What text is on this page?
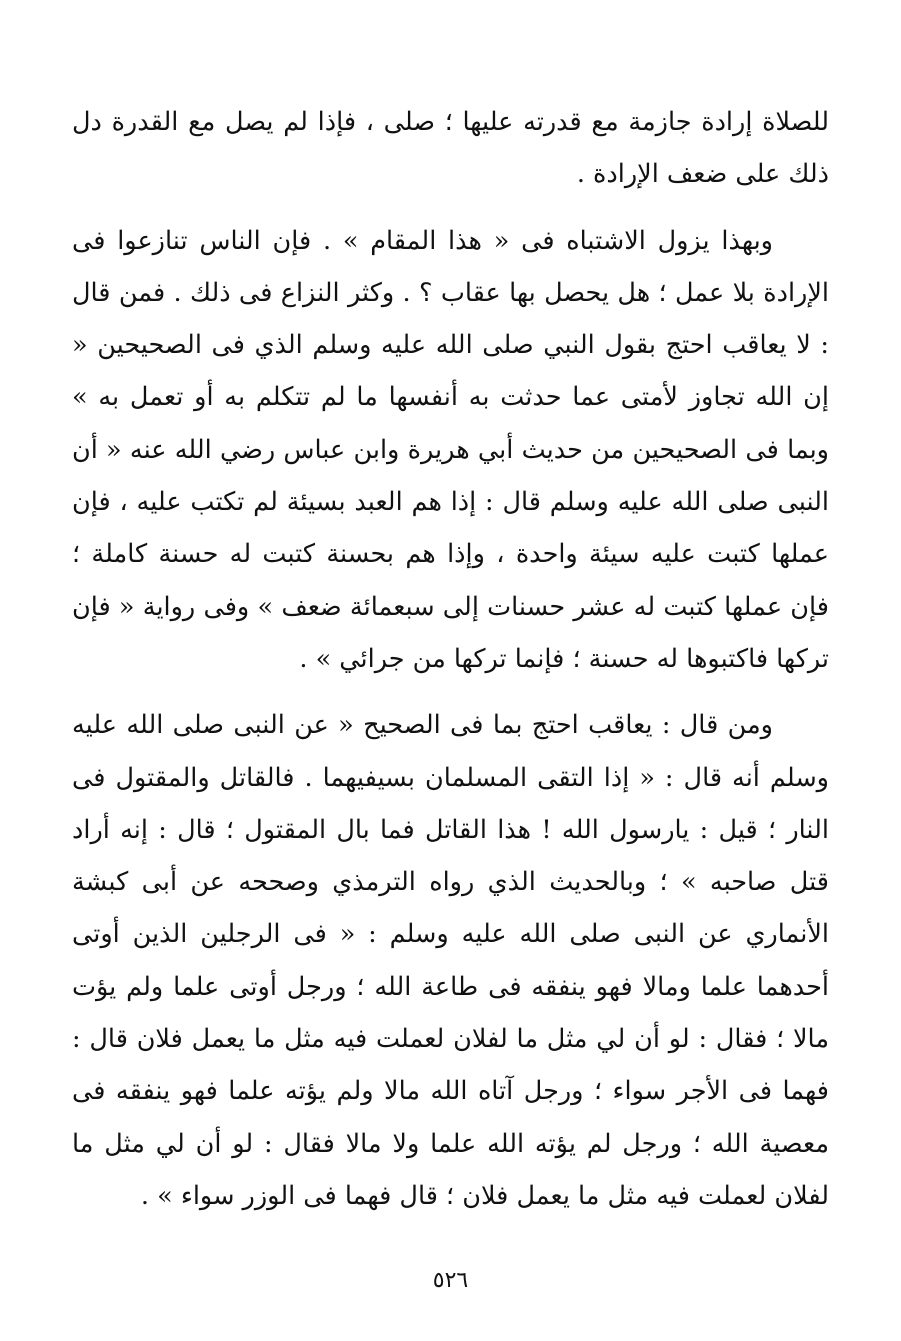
للصلاة إرادة جازمة مع قدرته عليها ؛ صلى ، فإذا لم يصل مع القدرة دل ذلك على ضعف الإرادة .

وبهذا يزول الاشتباه فى « هذا المقام » . فإن الناس تنازعوا فى الإرادة بلا عمل ؛ هل يحصل بها عقاب ؟ . وكثر النزاع فى ذلك . فمن قال : لا يعاقب احتج بقول النبي صلى الله عليه وسلم الذي فى الصحيحين « إن الله تجاوز لأمتى عما حدثت به أنفسها ما لم تتكلم به أو تعمل به » وبما فى الصحيحين من حديث أبي هريرة وابن عباس رضي الله عنه « أن النبى صلى الله عليه وسلم قال : إذا هم العبد بسيئة لم تكتب عليه ، فإن عملها كتبت عليه سيئة واحدة ، وإذا هم بحسنة كتبت له حسنة كاملة ؛ فإن عملها كتبت له عشر حسنات إلى سبعمائة ضعف » وفى رواية « فإن تركها فاكتبوها له حسنة ؛ فإنما تركها من جرائي » .

ومن قال : يعاقب احتج بما فى الصحيح « عن النبى صلى الله عليه وسلم أنه قال : « إذا التقى المسلمان بسيفيهما . فالقاتل والمقتول فى النار ؛ قيل : يارسول الله ! هذا القاتل فما بال المقتول ؛ قال : إنه أراد قتل صاحبه » ؛ وبالحديث الذي رواه الترمذي وصححه عن أبى كبشة الأنماري عن النبى صلى الله عليه وسلم : « فى الرجلين الذين أوتى أحدهما علما ومالا فهو ينفقه فى طاعة الله ؛ ورجل أوتى علما ولم يؤت مالا ؛ فقال : لو أن لي مثل ما لفلان لعملت فيه مثل ما يعمل فلان قال : فهما فى الأجر سواء ؛ ورجل آتاه الله مالا ولم يؤته علما فهو ينفقه فى معصية الله ؛ ورجل لم يؤته الله علما ولا مالا فقال : لو أن لي مثل ما لفلان لعملت فيه مثل ما يعمل فلان ؛ قال فهما فى الوزر سواء » .

٥٢٦
